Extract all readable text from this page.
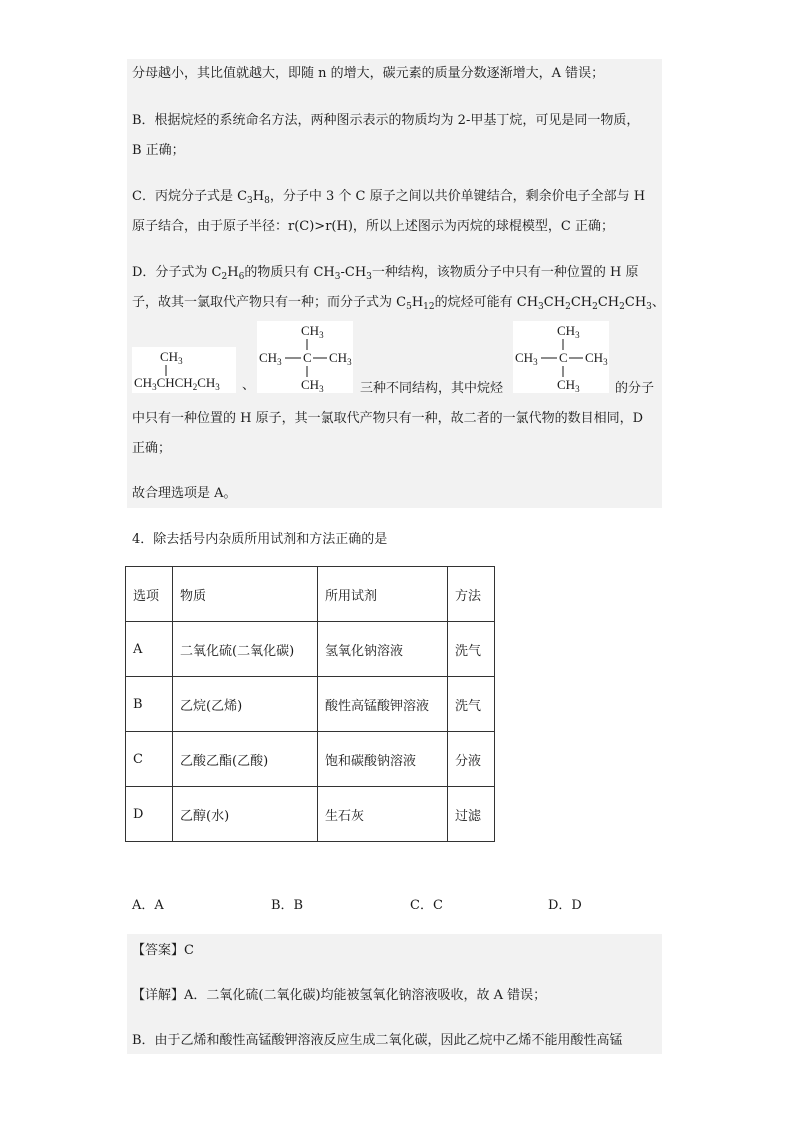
分母越小，其比值就越大，即随 n 的增大，碳元素的质量分数逐渐增大，A 错误；
B．根据烷烃的系统命名方法，两种图示表示的物质均为 2-甲基丁烷，可见是同一物质，
B 正确；
C．丙烷分子式是 $C_3H_8$，分子中 3 个 C 原子之间以共价单键结合，剩余价电子全部与 H
原子结合，由于原子半径：r(C)>r(H)，所以上述图示为丙烷的球棍模型，C 正确；
D．分子式为 $C_2H_6$的物质只有 $CH_3-CH_3$一种结构，该物质分子中只有一种位置的 H 原
子，故其一氯取代产物只有一种；而分子式为 $C_5H_{12}$的烷烃可能有 $CH_3CH_2CH_2CH_2CH_3$、
$CH_3$
$CH_3CHCH_2CH_3$ 、
$CH_3$
$CH_3$ C $CH_3$
$CH_3$	三种不同结构，其中烷烃
$CH_3$
$CH_3$ C $CH_3$
$CH_3$	的分子
中只有一种位置的 H 原子，其一氯取代产物只有一种，故二者的一氯代物的数目相同，D
正确；
故合理选项是 A。
4．除去括号内杂质所用试剂和方法正确的是
选项	物质	所用试剂	方法
A	二氧化硫(二氧化碳)	氢氧化钠溶液	洗气
B	乙烷(乙烯)	酸性高锰酸钾溶液	洗气
C	乙酸乙酯(乙酸)	饱和碳酸钠溶液	分液
D	乙醇(水)	生石灰	过滤
A．A	B．B	C．C	D．D
【答案】C
【详解】A．二氧化硫(二氧化碳)均能被氢氧化钠溶液吸收，故 A 错误；
B．由于乙烯和酸性高锰酸钾溶液反应生成二氧化碳，因此乙烷中乙烯不能用酸性高锰
